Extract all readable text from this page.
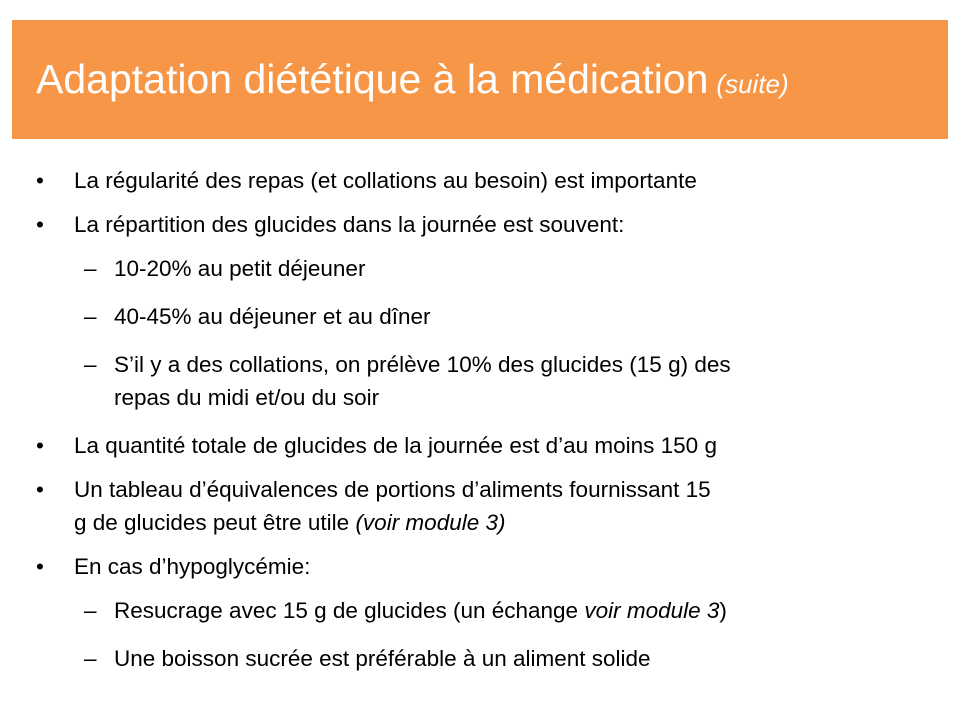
Adaptation diététique à la médication (suite)
• La régularité des repas (et collations au besoin) est importante
• La répartition des glucides dans la journée est souvent:
– 10-20% au petit déjeuner
– 40-45% au déjeuner et au dîner
– S’il y a des collations, on prélève 10% des glucides (15 g) des
repas du midi et/ou du soir
• La quantité totale de glucides de la journée est d’au moins 150 g
• Un tableau d’équivalences de portions d’aliments fournissant 15
g de glucides peut être utile (voir module 3)
• En cas d’hypoglycémie:
– Resucrage avec 15 g de glucides (un échange voir module 3)
– Une boisson sucrée est préférable à un aliment solide
